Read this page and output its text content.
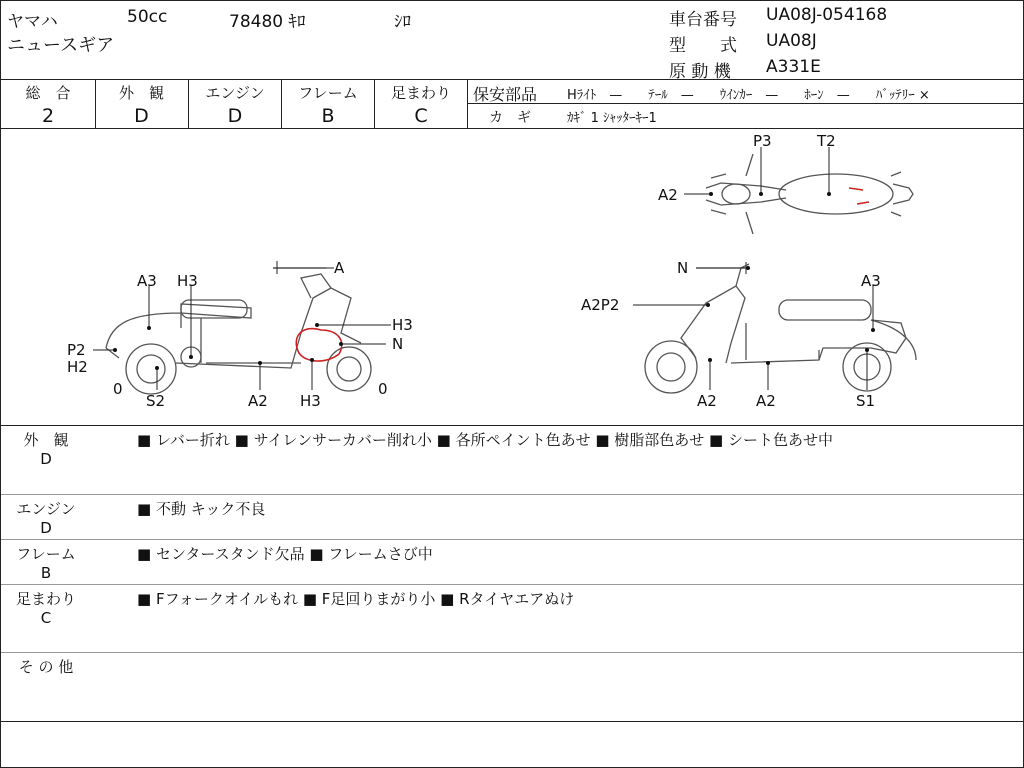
ヤマハ	50cc	78480 ｷﾛ	ｼﾛ
ニュースギア
車台番号 UA08J-054168
型　　式 UA08J
原 動 機 A331E
総　合
2
外　観
D
エンジン
D
フレーム
B
足まわり
C
保安部品 Hﾗｲﾄ　—　　ﾃｰﾙ　—　　ｳｲﾝｶｰ　—　　ﾎｰﾝ　—　　ﾊﾞｯﾃﾘｰ ×
カ　ギ	ｶｷﾞ 1 ｼｬｯﾀｰｷｰ1
P3	T2
A2
A3 H3
A
H3
N
P2
H2
0
S2	A2 H3
0
N
A2P2
A3
A2	A2	S1
外　観
D
■ レバー折れ ■ サイレンサーカバー削れ小 ■ 各所ペイント色あせ ■ 樹脂部色あせ ■ シート色あせ中
エンジン
D
■ 不動 キック不良
フレーム
B
■ センタースタンド欠品 ■ フレームさび中
足まわり
C
■ Fフォークオイルもれ ■ F足回りまがり小 ■ Rタイヤエアぬけ
そ の 他
